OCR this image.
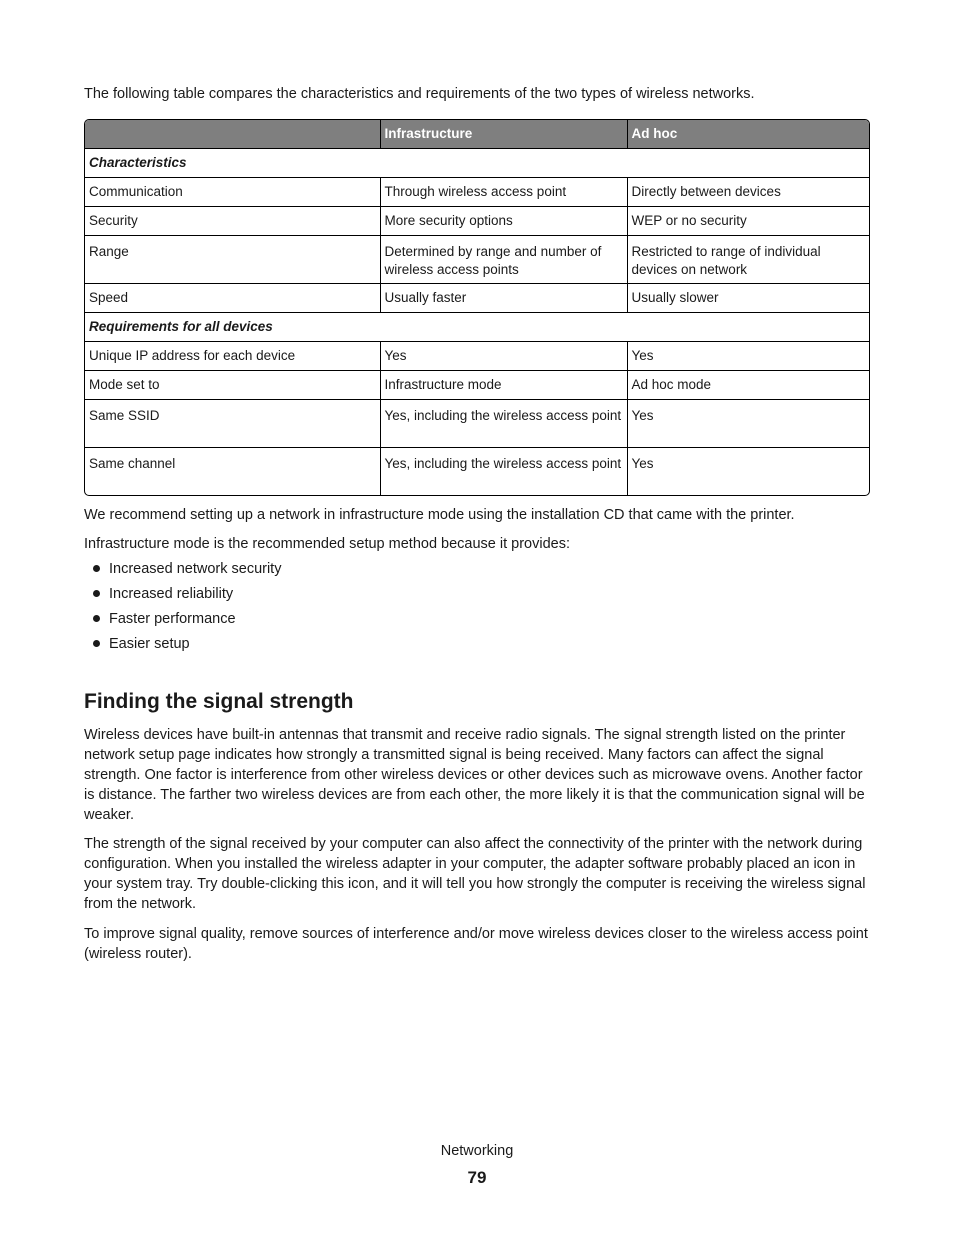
The following table compares the characteristics and requirements of the two types of wireless networks.

	Infrastructure	Ad hoc
Characteristics		
Communication	Through wireless access point	Directly between devices
Security	More security options	WEP or no security
Range	Determined by range and number of wireless access points	Restricted to range of individual devices on network
Speed	Usually faster	Usually slower
Requirements for all devices		
Unique IP address for each device	Yes	Yes
Mode set to	Infrastructure mode	Ad hoc mode
Same SSID	Yes, including the wireless access point	Yes
Same channel	Yes, including the wireless access point	Yes

We recommend setting up a network in infrastructure mode using the installation CD that came with the printer.

Infrastructure mode is the recommended setup method because it provides:

Increased network security
Increased reliability
Faster performance
Easier setup
Finding the signal strength

Wireless devices have built-in antennas that transmit and receive radio signals. The signal strength listed on the printer network setup page indicates how strongly a transmitted signal is being received. Many factors can affect the signal strength. One factor is interference from other wireless devices or other devices such as microwave ovens. Another factor is distance. The farther two wireless devices are from each other, the more likely it is that the communication signal will be weaker.

The strength of the signal received by your computer can also affect the connectivity of the printer with the network during configuration. When you installed the wireless adapter in your computer, the adapter software probably placed an icon in your system tray. Try double-clicking this icon, and it will tell you how strongly the computer is receiving the wireless signal from the network.

To improve signal quality, remove sources of interference and/or move wireless devices closer to the wireless access point (wireless router).

Networking
79
